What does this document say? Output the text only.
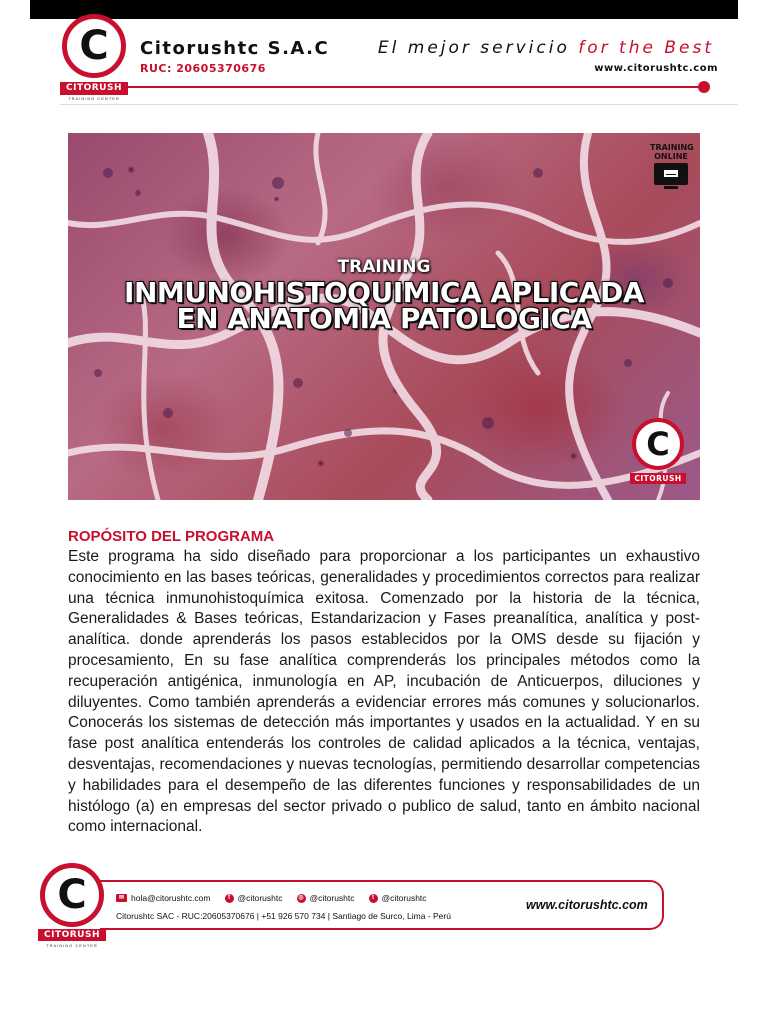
C
CITORUSH
TRAINING CENTER
Citorushtc S.A.C
RUC: 20605370676
El mejor servicio for the Best
www.citorushtc.com
TRAINING
ONLINE
TRAINING
INMUNOHISTOQUIMICA APLICADA
EN ANATOMIA PATOLOGICA
C
CITORUSH
ROPÓSITO DEL PROGRAMA
Este programa ha sido diseñado para proporcionar a los participantes un exhaustivo conocimiento en las bases teóricas, generalidades y procedimientos correctos para realizar una técnica inmunohistoquímica exitosa. Comenzado por la historia de la técnica, Generalidades & Bases teóricas, Estandarizacion y Fases preanalítica, analítica y post-analítica. donde aprenderás los pasos establecidos por la OMS desde su fijación y procesamiento, En su fase analítica comprenderás los principales métodos como la recuperación antigénica, inmunología en AP, incubación de Anticuerpos, diluciones y diluyentes. Como también aprenderás a evidenciar errores más comunes y solucionarlos. Conocerás los sistemas de detección más importantes y usados en la actualidad. Y en su fase post analítica entenderás los controles de calidad aplicados a la técnica, ventajas, desventajas, recomendaciones y nuevas tecnologías, permitiendo desarrollar competencias y habilidades para el desempeño de las diferentes funciones y responsabilidades de un histólogo (a) en empresas del sector privado o publico de salud, tanto en ámbito nacional como internacional.
C
CITORUSH
TRAINING CENTER
✉ hola@citorushtc.com	f @citorushtc	◎ @citorushtc	t @citorushtc
Citorushtc SAC - RUC:20605370676 | +51 926 570 734 | Santiago de Surco, Lima - Perú
www.citorushtc.com
